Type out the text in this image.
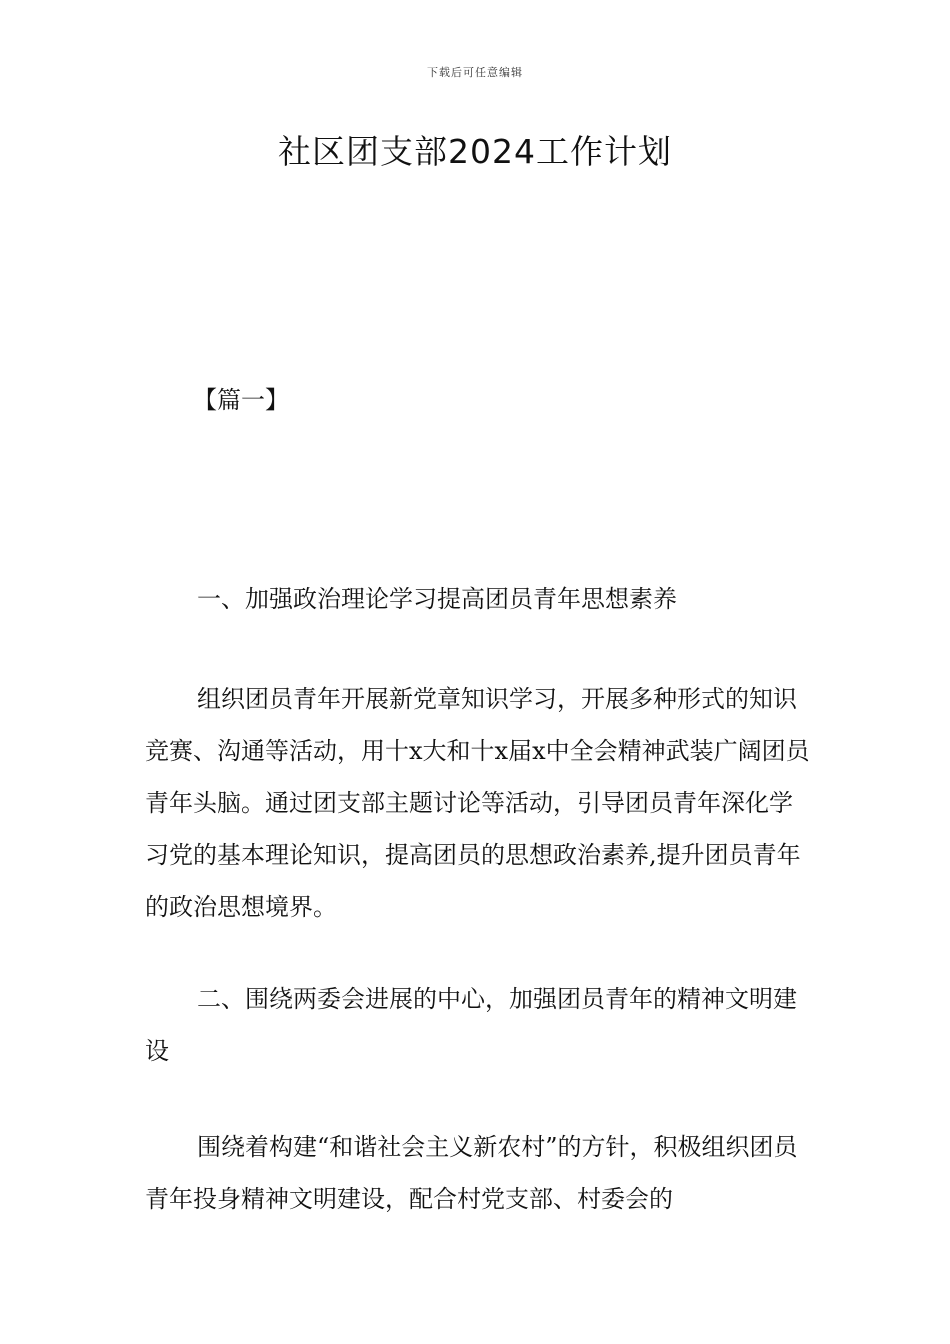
下载后可任意编辑
社区团支部2024工作计划
【篇一】

一、加强政治理论学习提高团员青年思想素养

组织团员青年开展新党章知识学习，开展多种形式的知识竞赛、沟通等活动，用十x大和十x届x中全会精神武装广阔团员青年头脑。通过团支部主题讨论等活动，引导团员青年深化学习党的基本理论知识，提高团员的思想政治素养,提升团员青年的政治思想境界。

二、围绕两委会进展的中心，加强团员青年的精神文明建设

围绕着构建“和谐社会主义新农村”的方针，积极组织团员青年投身精神文明建设，配合村党支部、村委会的
